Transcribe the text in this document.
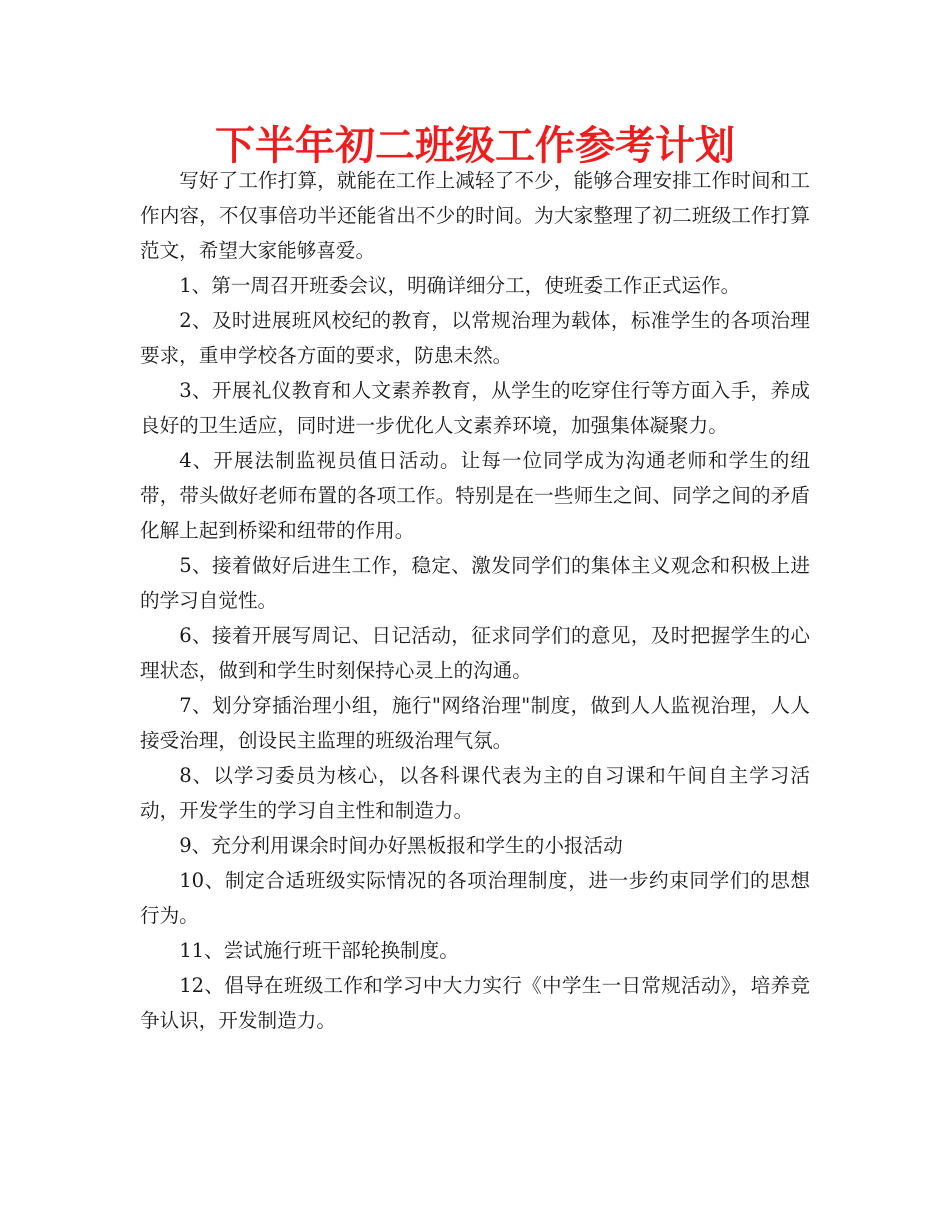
下半年初二班级工作参考计划

写好了工作打算，就能在工作上减轻了不少，能够合理安排工作时间和工作内容，不仅事倍功半还能省出不少的时间。为大家整理了初二班级工作打算范文，希望大家能够喜爱。

1、第一周召开班委会议，明确详细分工，使班委工作正式运作。

2、及时进展班风校纪的教育，以常规治理为载体，标准学生的各项治理要求，重申学校各方面的要求，防患未然。

3、开展礼仪教育和人文素养教育，从学生的吃穿住行等方面入手，养成良好的卫生适应，同时进一步优化人文素养环境，加强集体凝聚力。

4、开展法制监视员值日活动。让每一位同学成为沟通老师和学生的纽带，带头做好老师布置的各项工作。特别是在一些师生之间、同学之间的矛盾化解上起到桥梁和纽带的作用。

5、接着做好后进生工作，稳定、激发同学们的集体主义观念和积极上进的学习自觉性。

6、接着开展写周记、日记活动，征求同学们的意见，及时把握学生的心理状态，做到和学生时刻保持心灵上的沟通。

7、划分穿插治理小组，施行"网络治理"制度，做到人人监视治理，人人接受治理，创设民主监理的班级治理气氛。

8、以学习委员为核心，以各科课代表为主的自习课和午间自主学习活动，开发学生的学习自主性和制造力。

9、充分利用课余时间办好黑板报和学生的小报活动

10、制定合适班级实际情况的各项治理制度，进一步约束同学们的思想行为。

11、尝试施行班干部轮换制度。

12、倡导在班级工作和学习中大力实行《中学生一日常规活动》，培养竞争认识，开发制造力。
